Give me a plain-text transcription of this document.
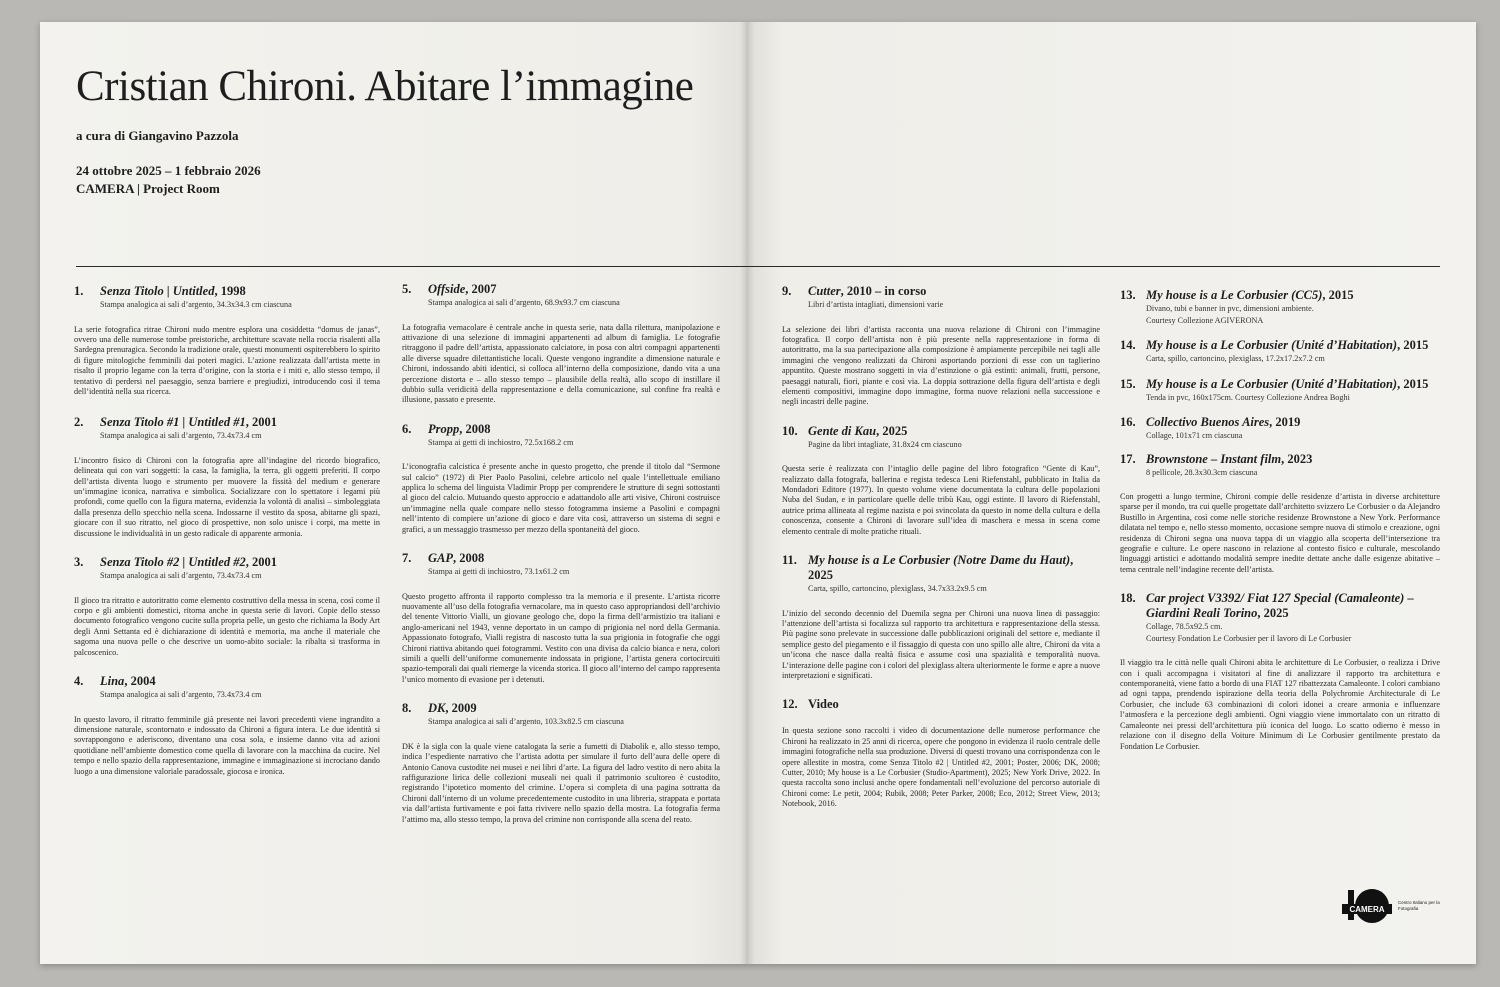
Cristian Chironi. Abitare l’immagine
a cura di Giangavino Pazzola
24 ottobre 2025 – 1 febbraio 2026
CAMERA | Project Room
1. Senza Titolo | Untitled, 1998
Stampa analogica ai sali d’argento, 34.3x34.3 cm ciascuna
La serie fotografica ritrae Chironi nudo mentre esplora una cosiddetta “domus de janas”, ovvero una delle numerose tombe preistoriche, architetture scavate nella roccia risalenti alla Sardegna prenuragica. Secondo la tradizione orale, questi monumenti ospiterebbero lo spirito di figure mitologiche femminili dai poteri magici. L’azione realizzata dall’artista mette in risalto il proprio legame con la terra d’origine, con la storia e i miti e, allo stesso tempo, il tentativo di perdersi nel paesaggio, senza barriere e pregiudizi, introducendo così il tema dell’identità nella sua ricerca.
2. Senza Titolo #1 | Untitled #1, 2001
Stampa analogica ai sali d’argento, 73.4x73.4 cm
L’incontro fisico di Chironi con la fotografia apre all’indagine del ricordo biografico, delineata qui con vari soggetti: la casa, la famiglia, la terra, gli oggetti preferiti. Il corpo dell’artista diventa luogo e strumento per muovere la fissità del medium e generare un’immagine iconica, narrativa e simbolica. Socializzare con lo spettatore i legami più profondi, come quello con la figura materna, evidenzia la volontà di analisi – simboleggiata dalla presenza dello specchio nella scena. Indossarne il vestito da sposa, abitarne gli spazi, giocare con il suo ritratto, nel gioco di prospettive, non solo unisce i corpi, ma mette in discussione le individualità in un gesto radicale di apparente armonia.
3. Senza Titolo #2 | Untitled #2, 2001
Stampa analogica ai sali d’argento, 73.4x73.4 cm
Il gioco tra ritratto e autoritratto come elemento costruttivo della messa in scena, così come il corpo e gli ambienti domestici, ritorna anche in questa serie di lavori. Copie dello stesso documento fotografico vengono cucite sulla propria pelle, un gesto che richiama la Body Art degli Anni Settanta ed è dichiarazione di identità e memoria, ma anche il materiale che sagoma una nuova pelle o che descrive un uomo-abito sociale: la ribalta si trasforma in palcoscenico.
4. Lina, 2004
Stampa analogica ai sali d’argento, 73.4x73.4 cm
In questo lavoro, il ritratto femminile già presente nei lavori precedenti viene ingrandito a dimensione naturale, scontornato e indossato da Chironi a figura intera. Le due identità si sovrappongono e aderiscono, diventano una cosa sola, e insieme danno vita ad azioni quotidiane nell’ambiente domestico come quella di lavorare con la macchina da cucire. Nel tempo e nello spazio della rappresentazione, immagine e immaginazione si incrociano dando luogo a una dimensione valoriale paradossale, giocosa e ironica.
5. Offside, 2007
Stampa analogica ai sali d’argento, 68.9x93.7 cm ciascuna
La fotografia vernacolare è centrale anche in questa serie, nata dalla rilettura, manipolazione e attivazione di una selezione di immagini appartenenti ad album di famiglia. Le fotografie ritraggono il padre dell’artista, appassionato calciatore, in posa con altri compagni appartenenti alle diverse squadre dilettantistiche locali. Queste vengono ingrandite a dimensione naturale e Chironi, indossando abiti identici, si colloca all’interno della composizione, dando vita a una percezione distorta e – allo stesso tempo – plausibile della realtà, allo scopo di instillare il dubbio sulla veridicità della rappresentazione e della comunicazione, sul confine fra realtà e illusione, passato e presente.
6. Propp, 2008
Stampa ai getti di inchiostro, 72.5x168.2 cm
L’iconografia calcistica è presente anche in questo progetto, che prende il titolo dal “Sermone sul calcio” (1972) di Pier Paolo Pasolini, celebre articolo nel quale l’intellettuale emiliano applica lo schema del linguista Vladimir Propp per comprendere le strutture di segni sottostanti al gioco del calcio. Mutuando questo approccio e adattandolo alle arti visive, Chironi costruisce un’immagine nella quale compare nello stesso fotogramma insieme a Pasolini e compagni nell’intento di compiere un’azione di gioco e dare vita così, attraverso un sistema di segni e grafici, a un messaggio trasmesso per mezzo della spontaneità del gioco.
7. GAP, 2008
Stampa ai getti di inchiostro, 73.1x61.2 cm
Questo progetto affronta il rapporto complesso tra la memoria e il presente. L’artista ricorre nuovamente all’uso della fotografia vernacolare, ma in questo caso appropriandosi dell’archivio del tenente Vittorio Vialli, un giovane geologo che, dopo la firma dell’armistizio tra italiani e anglo-americani nel 1943, venne deportato in un campo di prigionia nel nord della Germania. Appassionato fotografo, Vialli registra di nascosto tutta la sua prigionia in fotografie che oggi Chironi riattiva abitando quei fotogrammi. Vestito con una divisa da calcio bianca e nera, colori simili a quelli dell’uniforme comunemente indossata in prigione, l’artista genera cortocircuiti spazio-temporali dai quali riemerge la vicenda storica. Il gioco all’interno del campo rappresenta l’unico momento di evasione per i detenuti.
8. DK, 2009
Stampa analogica ai sali d’argento, 103.3x82.5 cm ciascuna
DK è la sigla con la quale viene catalogata la serie a fumetti di Diabolik e, allo stesso tempo, indica l’espediente narrativo che l’artista adotta per simulare il furto dell’aura delle opere di Antonio Canova custodite nei musei e nei libri d’arte. La figura del ladro vestito di nero abita la raffigurazione lirica delle collezioni museali nei quali il patrimonio scultoreo è custodito, registrando l’ipotetico momento del crimine. L’opera si completa di una pagina sottratta da Chironi dall’interno di un volume precedentemente custodito in una libreria, strappata e portata via dall’artista furtivamente e poi fatta rivivere nello spazio della mostra. La fotografia ferma l’attimo ma, allo stesso tempo, la prova del crimine non corrisponde alla scena del reato.
9. Cutter, 2010 – in corso
Libri d’artista intagliati, dimensioni varie
La selezione dei libri d’artista racconta una nuova relazione di Chironi con l’immagine fotografica. Il corpo dell’artista non è più presente nella rappresentazione in forma di autoritratto, ma la sua partecipazione alla composizione è ampiamente percepibile nei tagli alle immagini che vengono realizzati da Chironi asportando porzioni di esse con un taglierino appuntito. Queste mostrano soggetti in via d’estinzione o già estinti: animali, frutti, persone, paesaggi naturali, fiori, piante e così via. La doppia sottrazione della figura dell’artista e degli elementi compositivi, immagine dopo immagine, forma nuove relazioni nella successione e negli incastri delle pagine.
10. Gente di Kau, 2025
Pagine da libri intagliate, 31.8x24 cm ciascuno
Questa serie è realizzata con l’intaglio delle pagine del libro fotografico “Gente di Kau”, realizzato dalla fotografa, ballerina e regista tedesca Leni Riefenstahl, pubblicato in Italia da Mondadori Editore (1977). In questo volume viene documentata la cultura delle popolazioni Nuba del Sudan, e in particolare quelle delle tribù Kau, oggi estinte. Il lavoro di Riefenstahl, autrice prima allineata al regime nazista e poi svincolata da questo in nome della cultura e della conoscenza, consente a Chironi di lavorare sull’idea di maschera e messa in scena come elemento centrale di molte pratiche rituali.
11. My house is a Le Corbusier (Notre Dame du Haut), 2025
Carta, spillo, cartoncino, plexiglass, 34.7x33.2x9.5 cm
L’inizio del secondo decennio del Duemila segna per Chironi una nuova linea di passaggio: l’attenzione dell’artista si focalizza sul rapporto tra architettura e rappresentazione della stessa. Più pagine sono prelevate in successione dalle pubblicazioni originali del settore e, mediante il semplice gesto del piegamento e il fissaggio di questa con uno spillo alle altre, Chironi da vita a un’icona che nasce dalla realtà fisica e assume così una spazialità e temporalità nuova. L’interazione delle pagine con i colori del plexiglass altera ulteriormente le forme e apre a nuove interpretazioni e significati.
12. Video
In questa sezione sono raccolti i video di documentazione delle numerose performance che Chironi ha realizzato in 25 anni di ricerca, opere che pongono in evidenza il ruolo centrale delle immagini fotografiche nella sua produzione. Diversi di questi trovano una corrispondenza con le opere allestite in mostra, come Senza Titolo #2 | Untitled #2, 2001; Poster, 2006; DK, 2008; Cutter, 2010; My house is a Le Corbusier (Studio-Apartment), 2025; New York Drive, 2022. In questa raccolta sono inclusi anche opere fondamentali nell’evoluzione del percorso autoriale di Chironi come: Le petit, 2004; Rubik, 2008; Peter Parker, 2008; Eco, 2012; Street View, 2013; Notebook, 2016.
13. My house is a Le Corbusier (CC5), 2015
Divano, tubi e banner in pvc, dimensioni ambiente.
Courtesy Collezione AGIVERONA
14. My house is a Le Corbusier (Unité d’Habitation), 2015
Carta, spillo, cartoncino, plexiglass, 17.2x17.2x7.2 cm
15. My house is a Le Corbusier (Unité d’Habitation), 2015
Tenda in pvc, 160x175cm. Courtesy Collezione Andrea Boghi
16. Collectivo Buenos Aires, 2019
Collage, 101x71 cm ciascuna
17. Brownstone – Instant film, 2023
8 pellicole, 28.3x30.3cm ciascuna
Con progetti a lungo termine, Chironi compie delle residenze d’artista in diverse architetture sparse per il mondo, tra cui quelle progettate dall’architetto svizzero Le Corbusier o da Alejandro Bustillo in Argentina, così come nelle storiche residenze Brownstone a New York. Performance dilatata nel tempo e, nello stesso momento, occasione sempre nuova di stimolo e creazione, ogni residenza di Chironi segna una nuova tappa di un viaggio alla scoperta dell’intersezione tra geografie e culture. Le opere nascono in relazione al contesto fisico e culturale, mescolando linguaggi artistici e adottando modalità sempre inedite dettate anche dalle esigenze abitative – tema centrale nell’indagine recente dell’artista.
18. Car project V3392/ Fiat 127 Special (Camaleonte) – Giardini Reali Torino, 2025
Collage, 78.5x92.5 cm.
Courtesy Fondation Le Corbusier per il lavoro di Le Corbusier
Il viaggio tra le città nelle quali Chironi abita le architetture di Le Corbusier, o realizza i Drive con i quali accompagna i visitatori al fine di analizzare il rapporto tra architettura e contemporaneità, viene fatto a bordo di una FIAT 127 ribattezzata Camaleonte. I colori cambiano ad ogni tappa, prendendo ispirazione della teoria della Polychromie Architecturale di Le Corbusier, che include 63 combinazioni di colori idonei a creare armonia e influenzare l’atmosfera e la percezione degli ambienti. Ogni viaggio viene immortalato con un ritratto di Camaleonte nei pressi dell’architettura più iconica del luogo. Lo scatto odierno è messo in relazione con il disegno della Voiture Minimum di Le Corbusier gentilmente prestato da Fondation Le Corbusier.
CAMERA
Centro Italiano per la Fotografia
